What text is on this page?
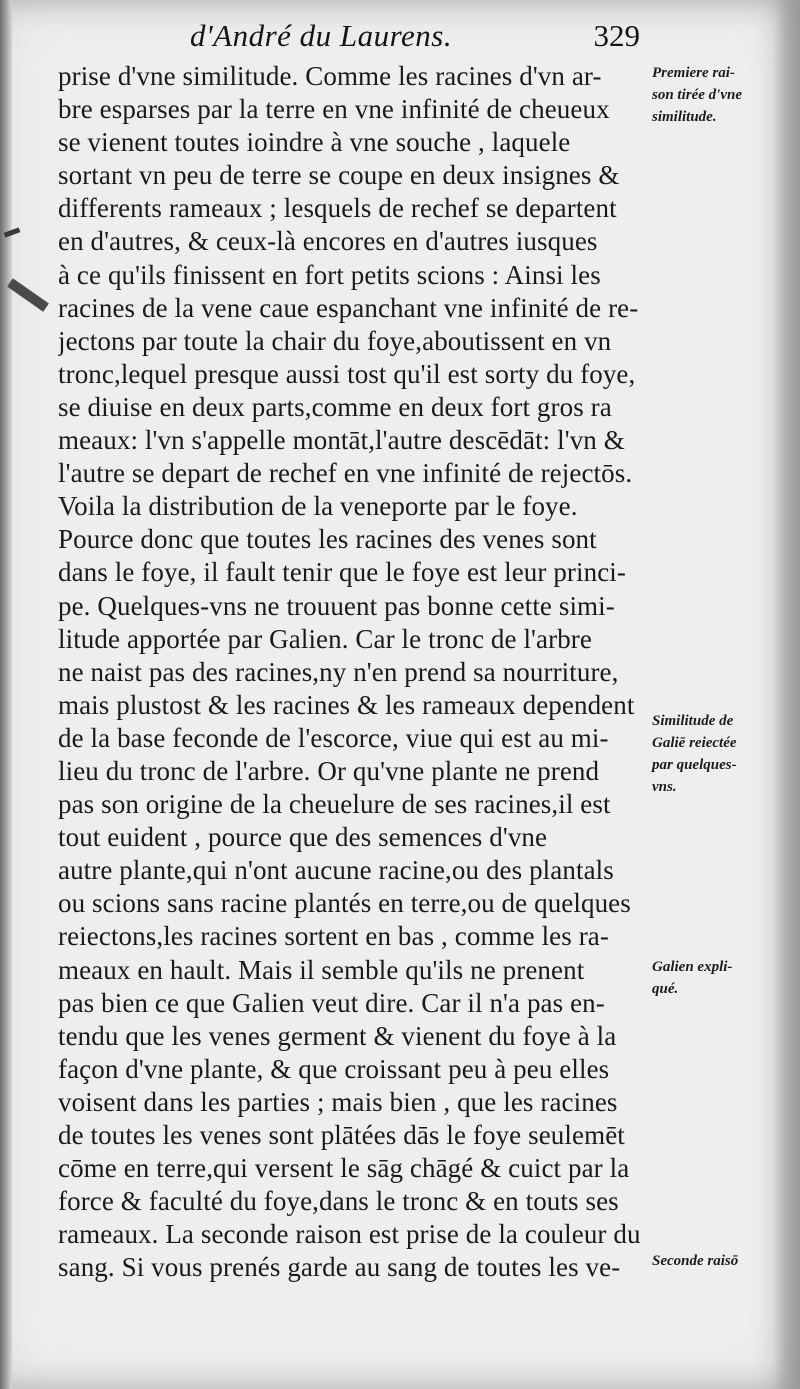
d'André du Laurens.	329
prise d'vne similitude. Comme les racines d'vn ar-
bre esparses par la terre en vne infinité de cheueux
se vienent toutes ioindre à vne souche , laquele
sortant vn peu de terre se coupe en deux insignes &
differents rameaux ; lesquels de rechef se departent
en d'autres, & ceux-là encores en d'autres iusques
à ce qu'ils finissent en fort petits scions : Ainsi les
racines de la vene caue espanchant vne infinité de re-
jectons par toute la chair du foye,aboutissent en vn
tronc,lequel presque aussi tost qu'il est sorty du foye,
se diuise en deux parts,comme en deux fort gros ra
meaux: l'vn s'appelle montāt,l'autre descēdāt: l'vn &
l'autre se depart de rechef en vne infinité de rejectōs.
Voila la distribution de la veneporte par le foye.
Pource donc que toutes les racines des venes sont
dans le foye, il fault tenir que le foye est leur princi-
pe. Quelques-vns ne trouuent pas bonne cette simi-
litude apportée par Galien. Car le tronc de l'arbre
ne naist pas des racines,ny n'en prend sa nourriture,
mais plustost & les racines & les rameaux dependent
de la base feconde de l'escorce, viue qui est au mi-
lieu du tronc de l'arbre. Or qu'vne plante ne prend
pas son origine de la cheuelure de ses racines,il est
tout euident , pource que des semences d'vne
autre plante,qui n'ont aucune racine,ou des plantals
ou scions sans racine plantés en terre,ou de quelques
reiectons,les racines sortent en bas , comme les ra-
meaux en hault. Mais il semble qu'ils ne prenent
pas bien ce que Galien veut dire. Car il n'a pas en-
tendu que les venes germent & vienent du foye à la
façon d'vne plante, & que croissant peu à peu elles
voisent dans les parties ; mais bien , que les racines
de toutes les venes sont plātées dās le foye seulemēt
cōme en terre,qui versent le sāg chāgé & cuict par la
force & faculté du foye,dans le tronc & en touts ses
rameaux. La seconde raison est prise de la couleur du
sang. Si vous prenés garde au sang de toutes les ve-
Premiere rai-
son tirée d'vne
similitude.
Similitude de
Galiē reiectée
par quelques-
vns.
Galien expli-
qué.
Seconde raisō
